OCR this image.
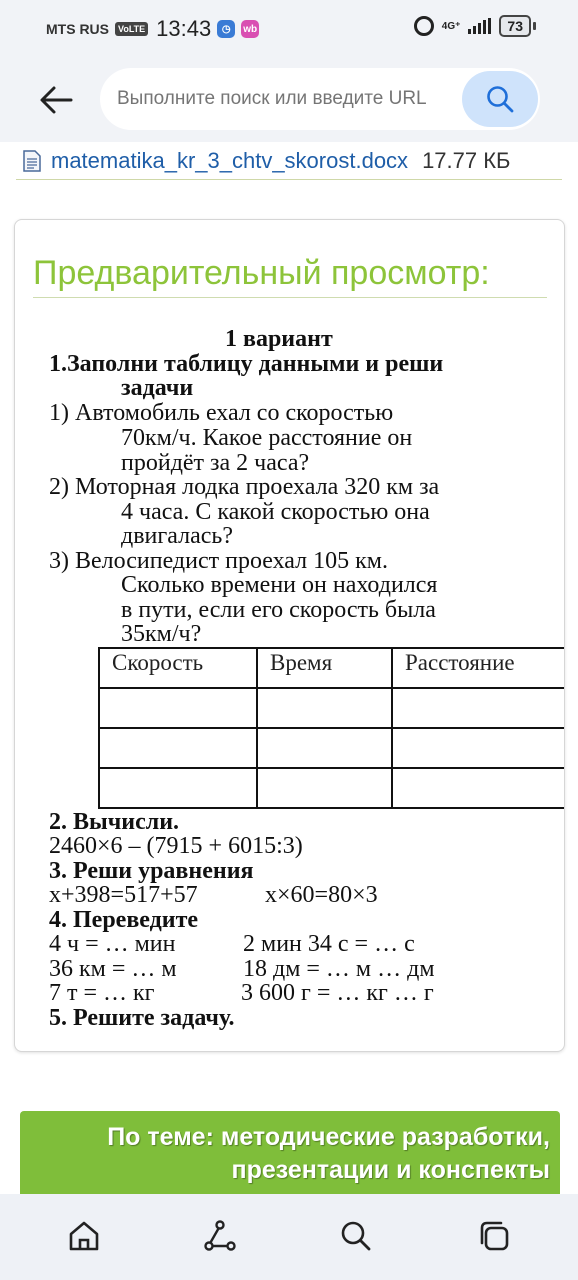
MTS RUS	VoLTE 13:43	◷	wb	4G⁺	73
Выполните поиск или введите URL
matematika_kr_3_chtv_skorost.docx 17.77 КБ
Предварительный просмотр:
1 вариант
1.Заполни таблицу данными и реши
задачи
1) Автомобиль ехал со скоростью
70км/ч. Какое расстояние он
пройдёт за 2 часа?
2) Моторная лодка проехала 320 км за
4 часа. С какой скоростью она
двигалась?
3) Велосипедист проехал 105 км.
Сколько времени он находился
в пути, если его скорость была
35км/ч?
2. Вычисли.
2460×6 – (7915 + 6015:3)
3. Реши уравнения
x+398=517+57	x×60=80×3
4. Переведите
4 ч = … мин	2 мин 34 с = … с
36 км = … м	18 дм = … м … дм
7 т = … кг	3 600 г = … кг … г
5. Решите задачу.
Скорость	Время	Расстояние

По теме: методические разработки,
презентации и конспекты
